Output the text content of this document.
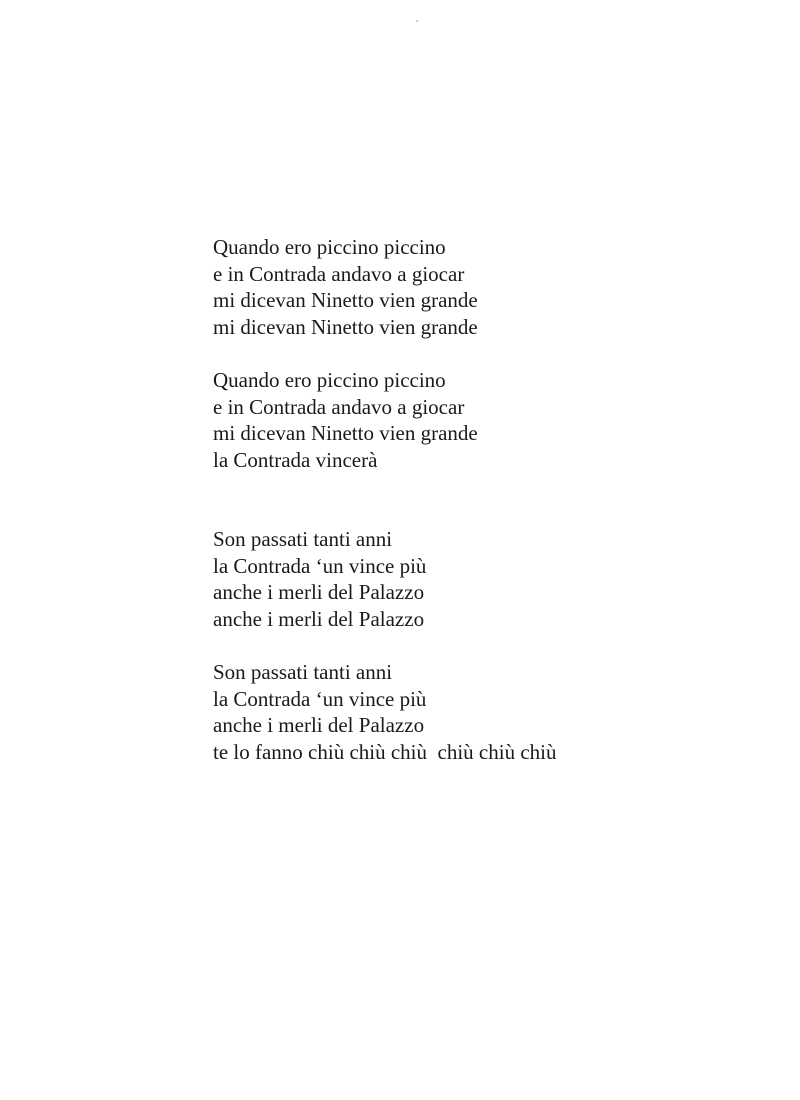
Quando ero piccino piccino
e in Contrada andavo a giocar
mi dicevan Ninetto vien grande
mi dicevan Ninetto vien grande
Quando ero piccino piccino
e in Contrada andavo a giocar
mi dicevan Ninetto vien grande
la Contrada vincerà
Son passati tanti anni
la Contrada ‘un vince più
anche i merli del Palazzo
anche i merli del Palazzo
Son passati tanti anni
la Contrada ‘un vince più
anche i merli del Palazzo
te lo fanno chiù chiù chiù  chiù chiù chiù
